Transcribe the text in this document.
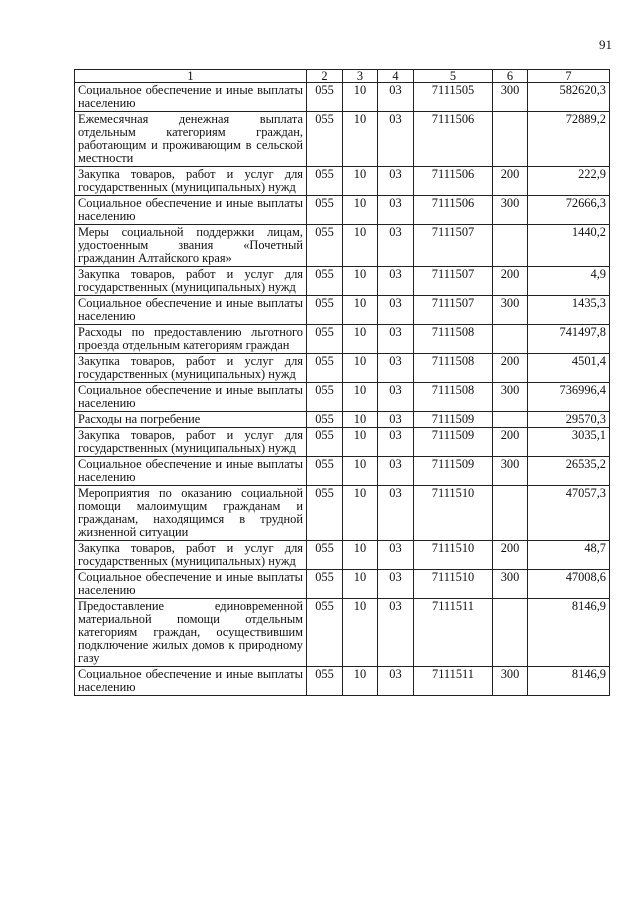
91
1	2	3	4	5	6	7
Социальное обеспечение и иные выплаты населению	055	10	03	7111505	300	582620,3
Ежемесячная денежная выплата отдельным категориям граждан, работающим и проживающим в сельской местности	055	10	03	7111506		72889,2
Закупка товаров, работ и услуг для государственных (муниципальных) нужд	055	10	03	7111506	200	222,9
Социальное обеспечение и иные выплаты населению	055	10	03	7111506	300	72666,3
Меры социальной поддержки лицам, удостоенным звания «Почетный гражданин Алтайского края»	055	10	03	7111507		1440,2
Закупка товаров, работ и услуг для государственных (муниципальных) нужд	055	10	03	7111507	200	4,9
Социальное обеспечение и иные выплаты населению	055	10	03	7111507	300	1435,3
Расходы по предоставлению льготного проезда отдельным категориям граждан	055	10	03	7111508		741497,8
Закупка товаров, работ и услуг для государственных (муниципальных) нужд	055	10	03	7111508	200	4501,4
Социальное обеспечение и иные выплаты населению	055	10	03	7111508	300	736996,4
Расходы на погребение	055	10	03	7111509		29570,3
Закупка товаров, работ и услуг для государственных (муниципальных) нужд	055	10	03	7111509	200	3035,1
Социальное обеспечение и иные выплаты населению	055	10	03	7111509	300	26535,2
Мероприятия по оказанию социальной помощи малоимущим гражданам и гражданам, находящимся в трудной жизненной ситуации	055	10	03	7111510		47057,3
Закупка товаров, работ и услуг для государственных (муниципальных) нужд	055	10	03	7111510	200	48,7
Социальное обеспечение и иные выплаты населению	055	10	03	7111510	300	47008,6
Предоставление единовременной материальной помощи отдельным категориям граждан, осуществившим подключение жилых домов к природному газу	055	10	03	7111511		8146,9
Социальное обеспечение и иные выплаты населению	055	10	03	7111511	300	8146,9
